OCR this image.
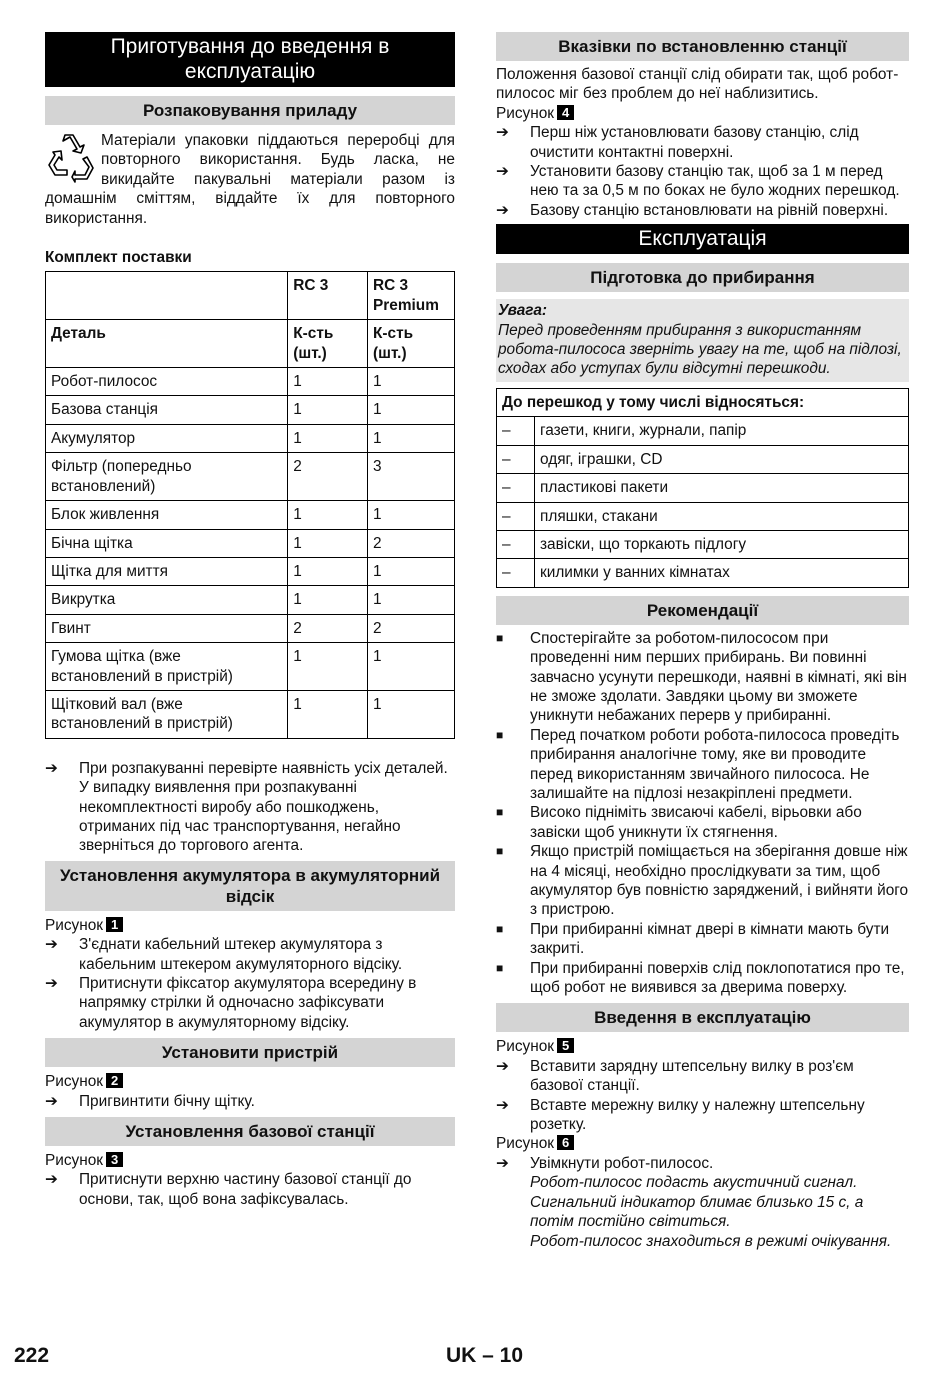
Приготування до введення в експлуатацію
Розпаковування приладу
Матеріали упаковки піддаються переробці для повторного використання. Будь ласка, не викидайте пакувальні матеріали разом із домашнім сміттям, віддайте їх для повторного використання.
Комплект поставки
	RC 3	RC 3 Premium
Деталь	К-сть (шт.)	К-сть (шт.)
Робот-пилосос	1	1
Базова станція	1	1
Акумулятор	1	1
Фільтр (попередньо встановлений)	2	3
Блок живлення	1	1
Бічна щітка	1	2
Щітка для миття	1	1
Викрутка	1	1
Гвинт	2	2
Гумова щітка (вже встановлений в пристрій)	1	1
Щітковий вал (вже встановлений в пристрій)	1	1
➔	При розпакуванні перевірте наявність усіх деталей.

У випадку виявлення при розпакуванні некомплектності виробу або пошкоджень, отриманих під час транспортування, негайно зверніться до торгового агента.

Установлення акумулятора в акумуляторний відсік
Рисунок 1
➔	З'єднати кабельний штекер акумулятора з кабельним штекером акумуляторного відсіку.
➔	Притиснути фіксатор акумулятора всередину в напрямку стрілки й одночасно зафіксувати акумулятор в акумуляторному відсіку.
Установити пристрій
Рисунок 2
➔	Пригвинтити бічну щітку.
Установлення базової станції
Рисунок 3
➔	Притиснути верхню частину базової станції до основи, так, щоб вона зафіксувалась.
Вказівки по встановленню станції

Положення базової станції слід обирати так, щоб робот-пилосос міг без проблем до неї наблизитись.

Рисунок 4
➔	Перш ніж установлювати базову станцію, слід очистити контактні поверхні.
➔	Установити базову станцію так, щоб за 1 м перед нею та за 0,5 м по боках не було жодних перешкод.
➔	Базову станцію встановлювати на рівній поверхні.
Експлуатація
Підготовка до прибирання

Увага:

Перед проведенням прибирання з використанням робота-пилососа зверніть увагу на те, щоб на підлозі, сходах або уступах були відсутні перешкоди.

До перешкод у тому числі відносяться:	
–	газети, книги, журнали, папір
–	одяг, іграшки, CD
–	пластикові пакети
–	пляшки, стакани
–	завіски, що торкають підлогу
–	килимки у ванних кімнатах
Рекомендації
■	Спостерігайте за роботом-пилососом при проведенні ним перших прибирань. Ви повинні завчасно усунути перешкоди, наявні в кімнаті, які він не зможе здолати. Завдяки цьому ви зможете уникнути небажаних перерв у прибиранні.
■	Перед початком роботи робота-пилососа проведіть прибирання аналогічне тому, яке ви проводите перед використанням звичайного пилососа. Не залишайте на підлозі незакріплені предмети.
■	Високо підніміть звисаючі кабелі, вірьовки або завіски щоб уникнути їх стягнення.
■	Якщо пристрій поміщається на зберігання довше ніж на 4 місяці, необхідно прослідкувати за тим, щоб акумулятор був повністю заряджений, і вийняти його з пристрою.
■	При прибиранні кімнат двері в кімнати мають бути закриті.
■	При прибиранні поверхів слід поклопотатися про те, щоб робот не виявився за дверима поверху.
Введення в експлуатацію
Рисунок 5
➔	Вставити зарядну штепсельну вилку в роз'єм базової станції.
➔	Вставте мережну вилку у належну штепсельну розетку.
Рисунок 6
➔	Увімкнути робот-пилосос.

Робот-пилосос подасть акустичний сигнал. Сигнальний індикатор блимає близько 15 с, а потім постійно світиться.

Робот-пилосос знаходиться в режимі очікування.

222	UK – 10
